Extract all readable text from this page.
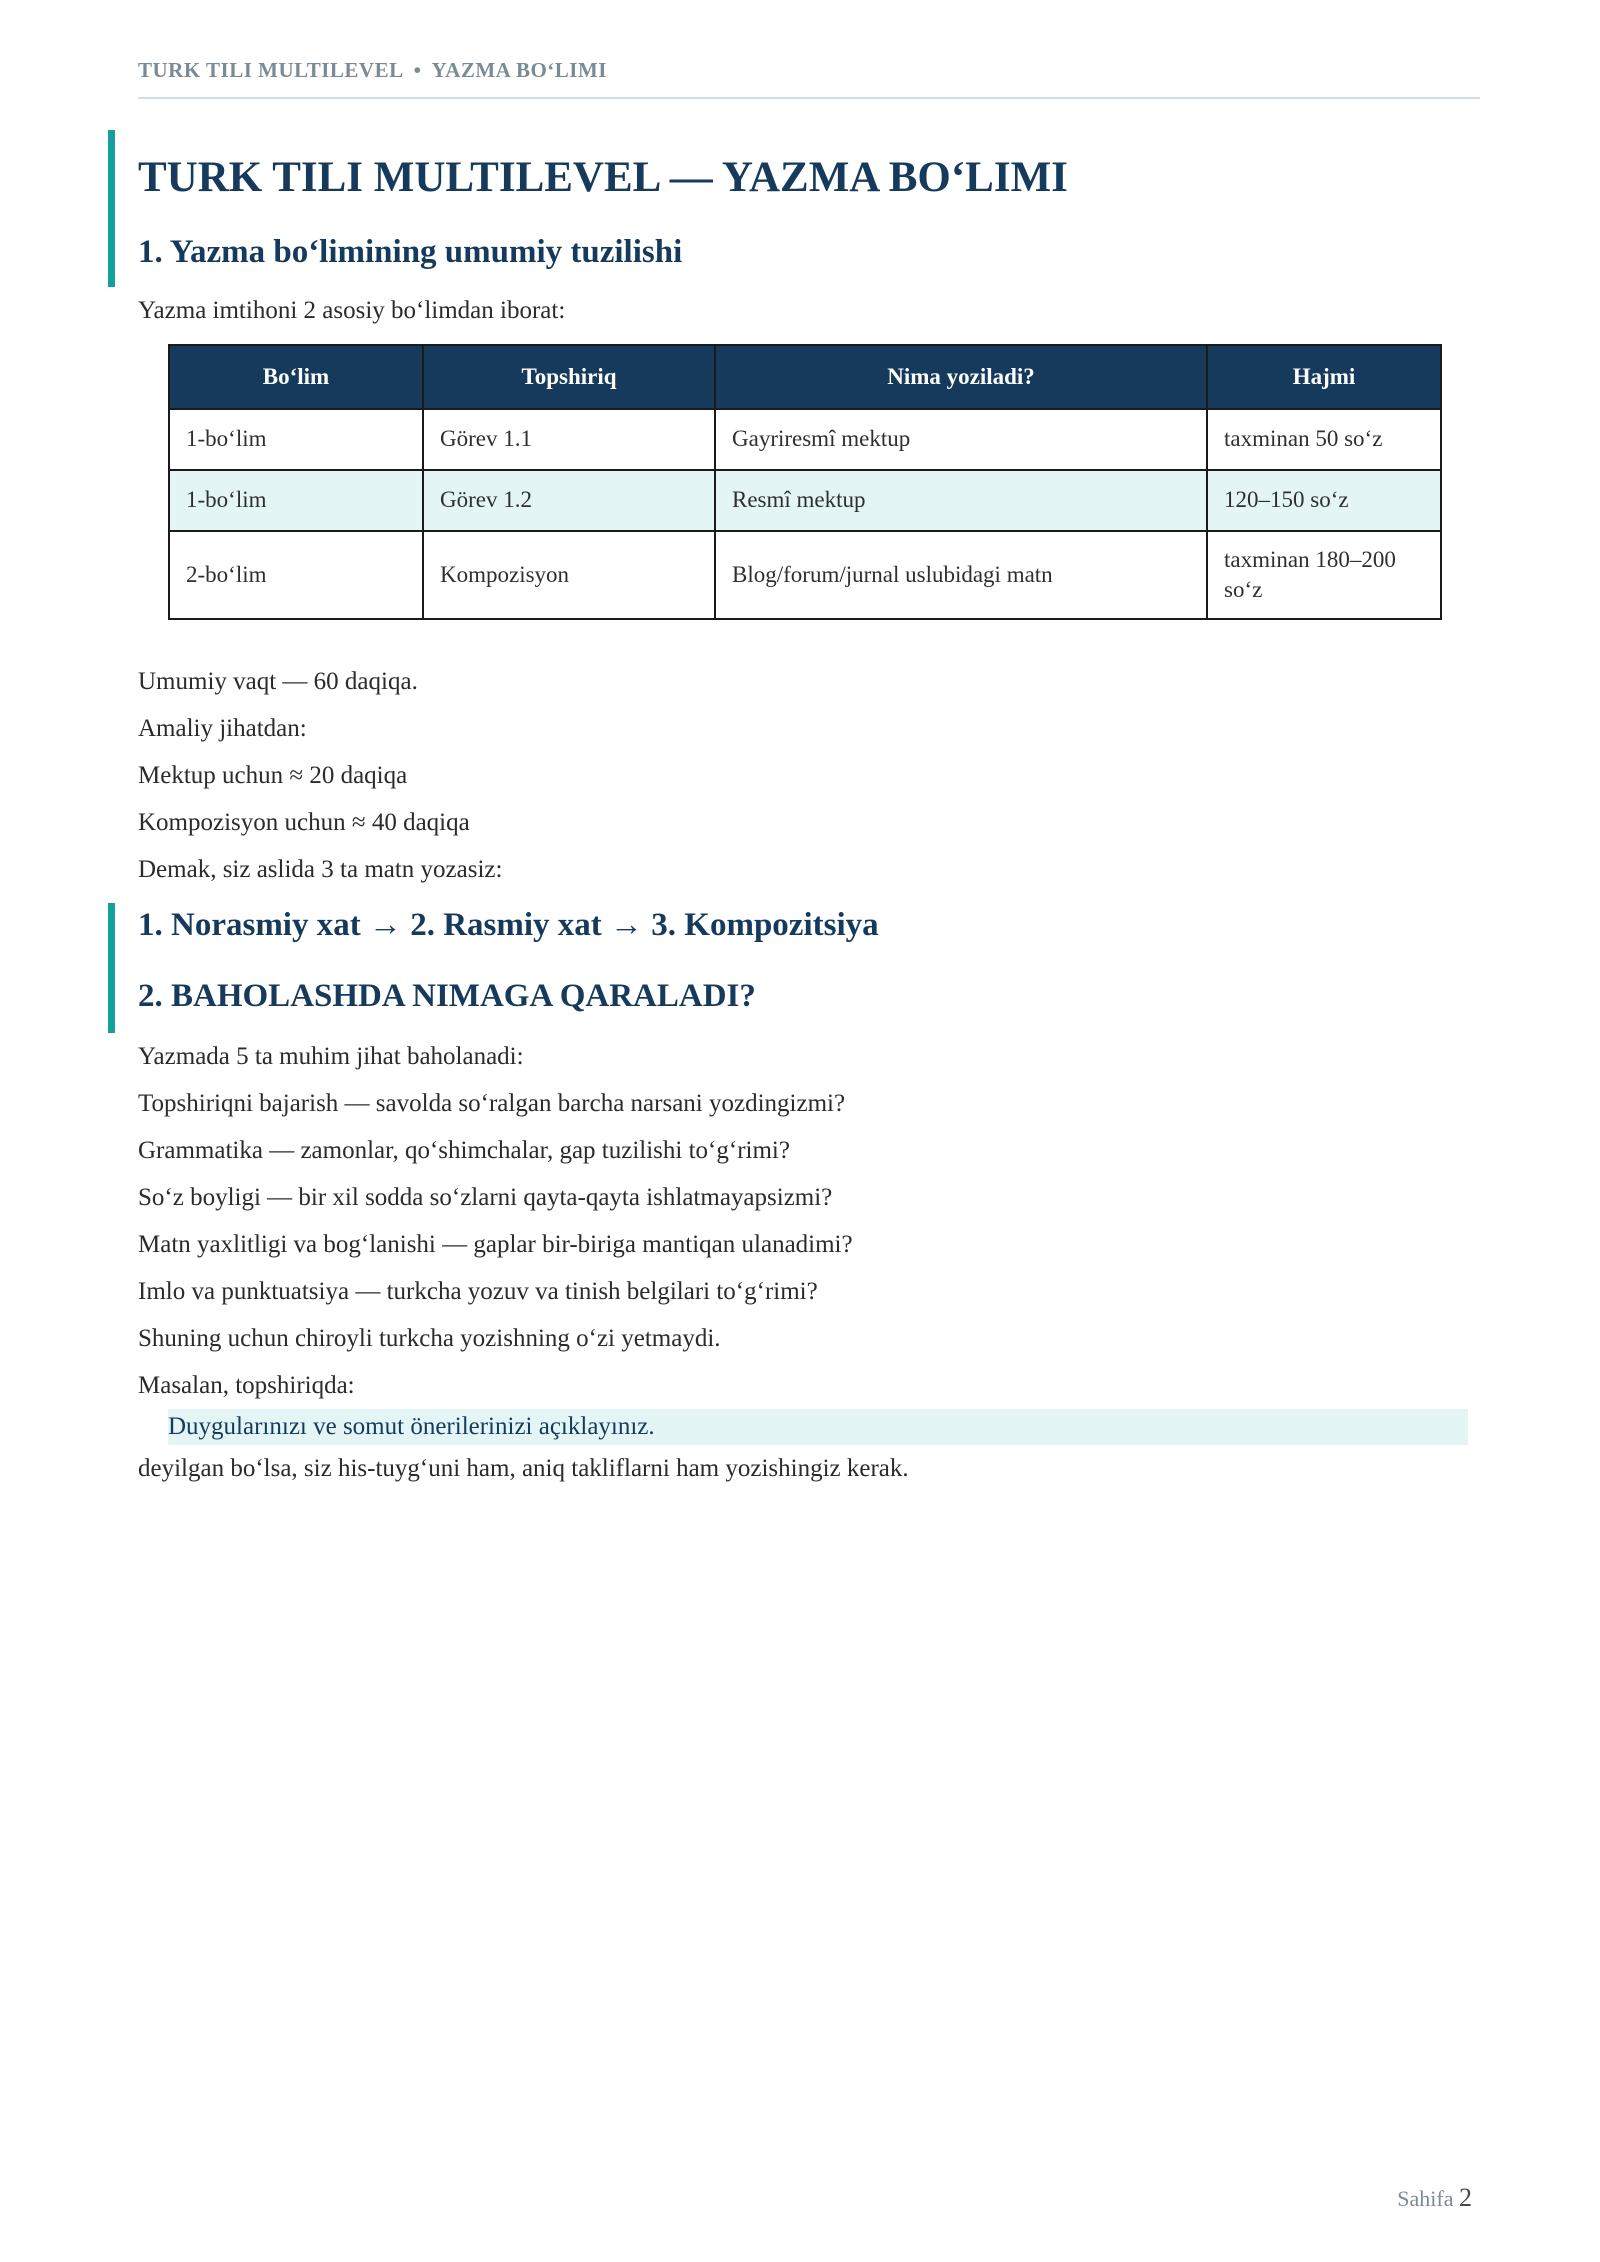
TURK TILI MULTILEVEL • YAZMA BO‘LIMI
TURK TILI MULTILEVEL — YAZMA BO‘LIMI
1. Yazma bo‘limining umumiy tuzilishi

Yazma imtihoni 2 asosiy bo‘limdan iborat:

Bo‘lim	Topshiriq	Nima yoziladi?	Hajmi
1-bo‘lim	Görev 1.1	Gayriresmî mektup	taxminan 50 so‘z
1-bo‘lim	Görev 1.2	Resmî mektup	120–150 so‘z
2-bo‘lim	Kompozisyon	Blog/forum/jurnal uslubidagi matn	taxminan 180–200 so‘z

Umumiy vaqt — 60 daqiqa.

Amaliy jihatdan:

Mektup uchun ≈ 20 daqiqa

Kompozisyon uchun ≈ 40 daqiqa

Demak, siz aslida 3 ta matn yozasiz:

1. Norasmiy xat → 2. Rasmiy xat → 3. Kompozitsiya
2. BAHOLASHDA NIMAGA QARALADI?

Yazmada 5 ta muhim jihat baholanadi:

Topshiriqni bajarish — savolda so‘ralgan barcha narsani yozdingizmi?

Grammatika — zamonlar, qo‘shimchalar, gap tuzilishi to‘g‘rimi?

So‘z boyligi — bir xil sodda so‘zlarni qayta-qayta ishlatmayapsizmi?

Matn yaxlitligi va bog‘lanishi — gaplar bir-biriga mantiqan ulanadimi?

Imlo va punktuatsiya — turkcha yozuv va tinish belgilari to‘g‘rimi?

Shuning uchun chiroyli turkcha yozishning o‘zi yetmaydi.

Masalan, topshiriqda:

Duygularınızı ve somut önerilerinizi açıklayınız.

deyilgan bo‘lsa, siz his-tuyg‘uni ham, aniq takliflarni ham yozishingiz kerak.

Sahifa 2
